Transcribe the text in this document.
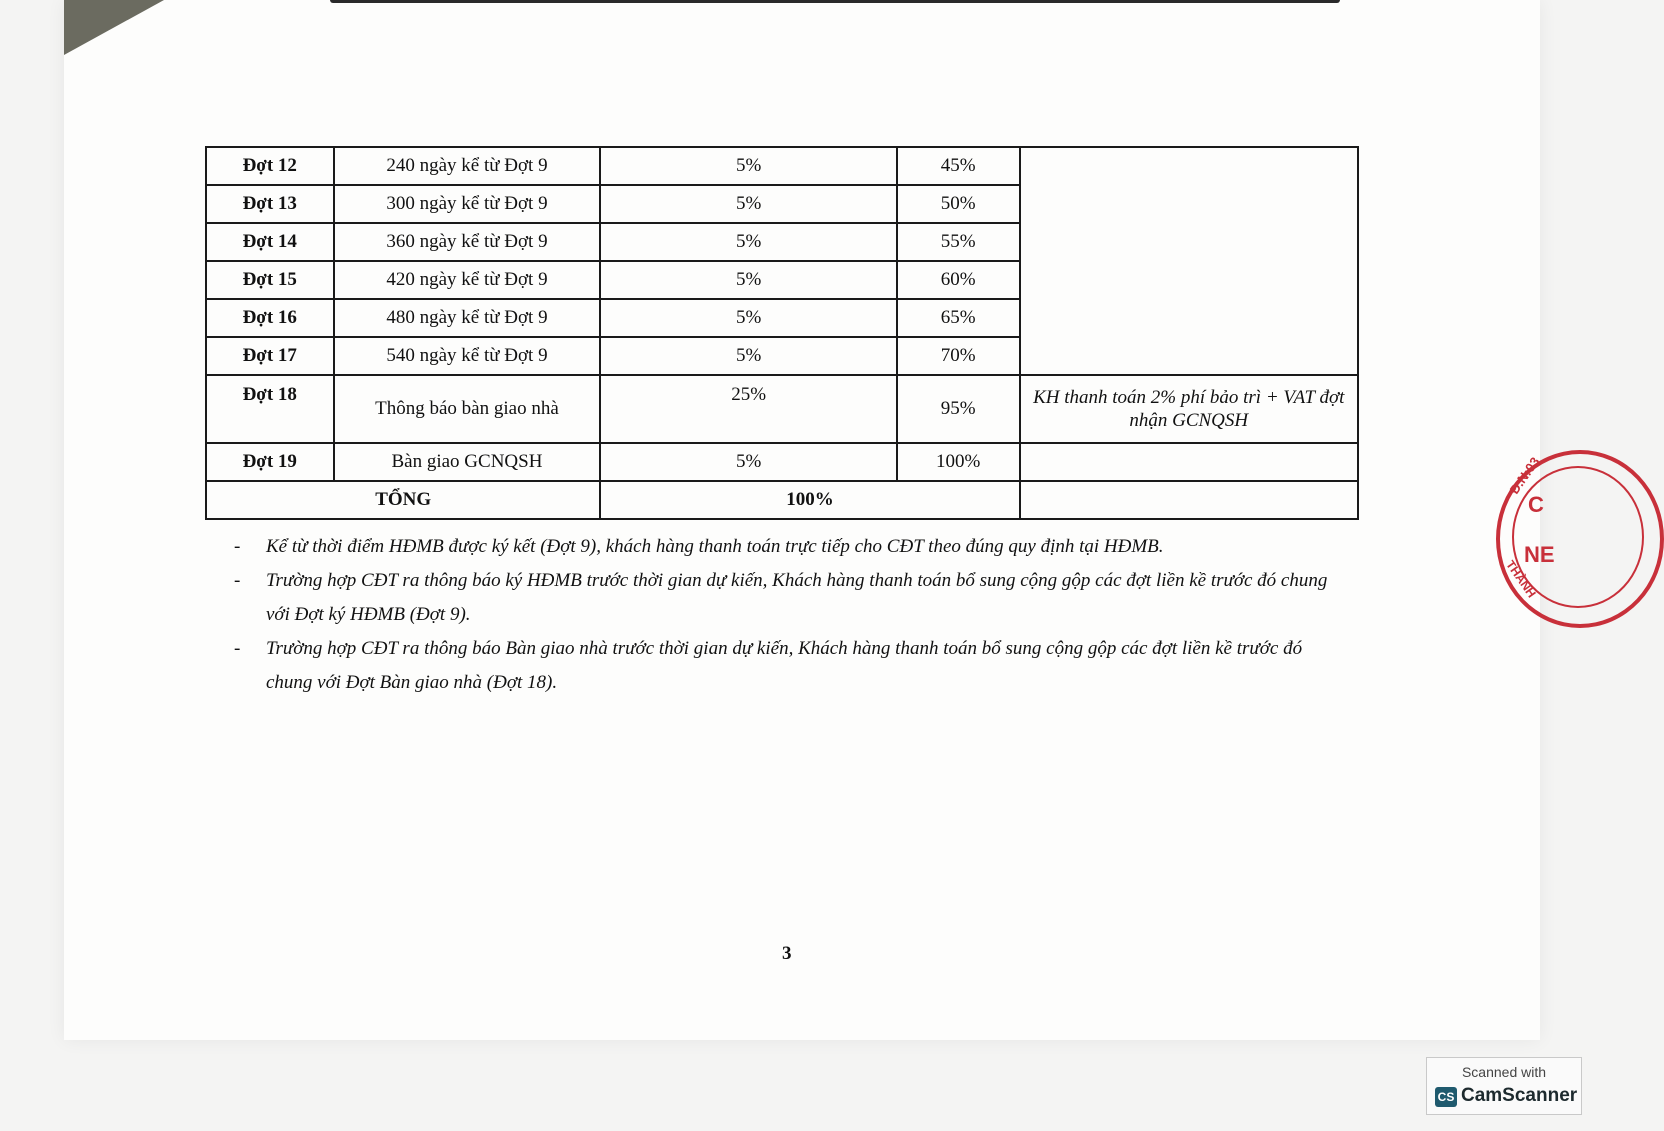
Đợt 12	240 ngày kể từ Đợt 9	5%	45%	
Đợt 13	300 ngày kể từ Đợt 9	5%	50%	
Đợt 14	360 ngày kể từ Đợt 9	5%	55%	
Đợt 15	420 ngày kể từ Đợt 9	5%	60%	
Đợt 16	480 ngày kể từ Đợt 9	5%	65%	
Đợt 17	540 ngày kể từ Đợt 9	5%	70%	
Đợt 18	Thông báo bàn giao nhà	25%	95%	KH thanh toán 2% phí bảo trì + VAT đợt nhận GCNQSH
Đợt 19	Bàn giao GCNQSH	5%	100%	
TỔNG		100%		
- Kể từ thời điểm HĐMB được ký kết (Đợt 9), khách hàng thanh toán trực tiếp cho CĐT theo đúng quy định tại HĐMB.
- Trường hợp CĐT ra thông báo ký HĐMB trước thời gian dự kiến, Khách hàng thanh toán bổ sung cộng gộp các đợt liền kề trước đó chung với Đợt ký HĐMB (Đợt 9).
- Trường hợp CĐT ra thông báo Bàn giao nhà trước thời gian dự kiến, Khách hàng thanh toán bổ sung cộng gộp các đợt liền kề trước đó chung với Đợt Bàn giao nhà (Đợt 18).
3
Đ.N:03
C
NE
THÀNH
Scanned with
CS CamScanner
